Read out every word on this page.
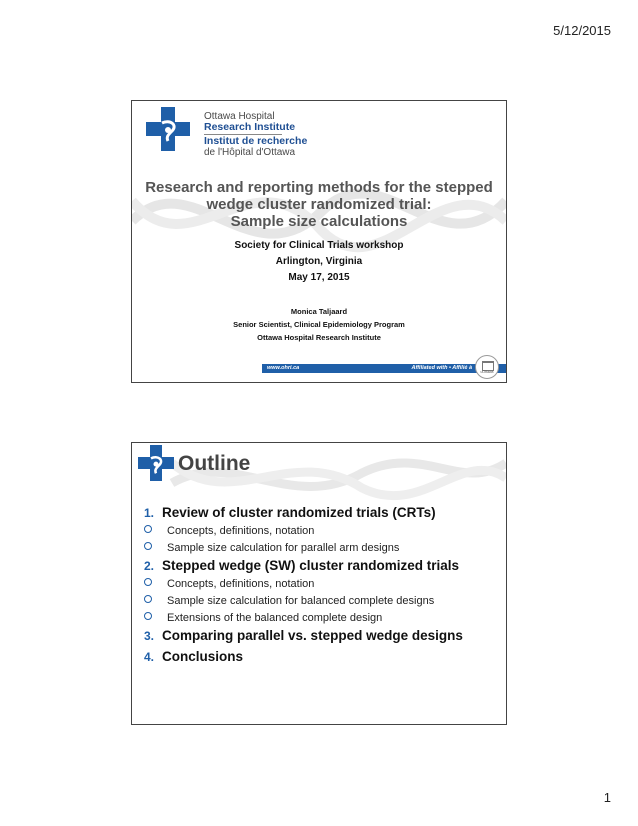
5/12/2015
Ottawa Hospital
Research Institute
Institut de recherche
de l'Hôpital d'Ottawa
Research and reporting methods for the stepped
wedge cluster randomized trial:
Sample size calculations
Society for Clinical Trials workshop
Arlington, Virginia
May 17, 2015
Monica Taljaard
Senior Scientist, Clinical Epidemiology Program
Ottawa Hospital Research Institute
www.ohri.ca	Affiliated with • Affilié à
uOttawa
Outline
1. Review of cluster randomized trials (CRTs)
Concepts, definitions, notation
Sample size calculation for parallel arm designs
2. Stepped wedge (SW) cluster randomized trials
Concepts, definitions, notation
Sample size calculation for balanced complete designs
Extensions of the balanced complete design
3. Comparing parallel vs. stepped wedge designs
4. Conclusions
1
